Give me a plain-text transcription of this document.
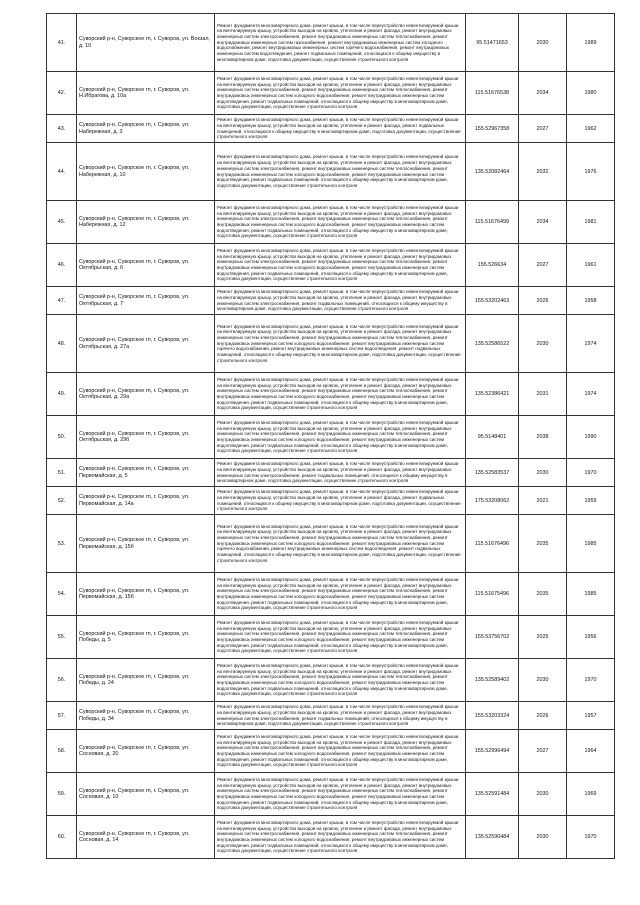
41.	Суворский р-н, Суворское гп, г. Суворов, ул. Вокзал, д. 10	Ремонт фундамента многоквартирного дома, ремонт крыши, в том числе переустройство невентилируемой крыши на вентилируемую крышу, устройство выходов на кровлю, утепление и ремонт фасада, ремонт внутридомовых инженерных систем электроснабжения, ремонт внутридомовых инженерных систем теплоснабжения, ремонт внутридомовых инженерных систем газоснабжения, ремонт внутридомовых инженерных систем холодного водоснабжения, ремонт внутридомовых инженерных систем горячего водоснабжения, ремонт внутридомовых инженерных систем водоотведения, ремонт подвальных помещений, относящихся к общему имуществу в многоквартирном доме, подготовка документации, осуществление строительного контроля	95.51471653	2030	1989
42.	Суворский р-н, Суворское гп, г. Суворов, ул. Н.Ибрагова, д. 10а	Ремонт фундамента многоквартирного дома, ремонт крыши, в том числе переустройство невентилируемой крыши на вентилируемую крышу, устройство выходов на кровлю, утепление и ремонт фасада, ремонт внутридомовых инженерных систем электроснабжения, ремонт внутридомовых инженерных систем теплоснабжения, ремонт внутридомовых инженерных систем холодного водоснабжения, ремонт внутридомовых инженерных систем водоотведения, ремонт подвальных помещений, относящихся к общему имуществу в многоквартирном доме, подготовка документации, осуществление строительного контроля	115.51676538	2034	1980
43.	Суворский р-н, Суворское гп, г. Суворов, ул. Набережная, д. 3	Ремонт фундамента многоквартирного дома, ремонт крыши, в том числе переустройство невентилируемой крыши на вентилируемую крышу, устройство выходов на кровлю, утепление и ремонт фасада, ремонт подвальных помещений, относящихся к общему имуществу в многоквартирном доме, подготовка документации, осуществление строительного контроля	155.52967358	2027	1962
44.	Суворский р-н, Суворское гп, г. Суворов, ул. Набережная, д. 10	Ремонт фундамента многоквартирного дома, ремонт крыши, в том числе переустройство невентилируемой крыши на вентилируемую крышу, устройство выходов на кровлю, утепление и ремонт фасада, ремонт внутридомовых инженерных систем электроснабжения, ремонт внутридомовых инженерных систем теплоснабжения, ремонт внутридомовых инженерных систем холодного водоснабжения, ремонт внутридомовых инженерных систем водоотведения, ремонт подвальных помещений, относящихся к общему имуществу в многоквартирном доме, подготовка документации, осуществление строительного контроля	135.52082464	2032	1976
45.	Суворский р-н, Суворское гп, г. Суворов, ул. Набережная, д. 12	Ремонт фундамента многоквартирного дома, ремонт крыши, в том числе переустройство невентилируемой крыши на вентилируемую крышу, устройство выходов на кровлю, утепление и ремонт фасада, ремонт внутридомовых инженерных систем электроснабжения, ремонт внутридомовых инженерных систем теплоснабжения, ремонт внутридомовых инженерных систем холодного водоснабжения, ремонт внутридомовых инженерных систем водоотведения, ремонт подвальных помещений, относящихся к общему имуществу в многоквартирном доме, подготовка документации, осуществление строительного контроля	115.51676499	2034	1981
46.	Суворский р-н, Суворское гп, г. Суворов, ул. Октябрьская, д. 6	Ремонт фундамента многоквартирного дома, ремонт крыши, в том числе переустройство невентилируемой крыши на вентилируемую крышу, устройство выходов на кровлю, утепление и ремонт фасада, ремонт внутридомовых инженерных систем электроснабжения, ремонт внутридомовых инженерных систем теплоснабжения, ремонт внутридомовых инженерных систем холодного водоснабжения, ремонт внутридомовых инженерных систем водоотведения, ремонт подвальных помещений, относящихся к общему имуществу в многоквартирном доме, подготовка документации, осуществление строительного контроля	155.526634	2027	1961
47.	Суворский р-н, Суворское гп, г. Суворов, ул. Октябрьская, д. 7	Ремонт фундамента многоквартирного дома, ремонт крыши, в том числе переустройство невентилируемой крыши на вентилируемую крышу, устройство выходов на кровлю, утепление и ремонт фасада, ремонт внутридомовых инженерных систем электроснабжения, ремонт подвальных помещений, относящихся к общему имуществу в многоквартирном доме, подготовка документации, осуществление строительного контроля	155.53202463	2026	1958
48.	Суворский р-н, Суворское гп, г. Суворов, ул. Октябрьская, д. 27а	Ремонт фундамента многоквартирного дома, ремонт крыши, в том числе переустройство невентилируемой крыши на вентилируемую крышу, устройство выходов на кровлю, утепление и ремонт фасада, ремонт внутридомовых инженерных систем электроснабжения, ремонт внутридомовых инженерных систем теплоснабжения, ремонт внутридомовых инженерных систем холодного водоснабжения, ремонт внутридомовых инженерных систем горячего водоснабжения, ремонт внутридомовых инженерных систем водоотведения, ремонт подвальных помещений, относящихся к общему имуществу в многоквартирном доме, подготовка документации, осуществление строительного контроля	135.52586522	2030	1974
49.	Суворский р-н, Суворское гп, г. Суворов, ул. Октябрьская, д. 29а	Ремонт фундамента многоквартирного дома, ремонт крыши, в том числе переустройство невентилируемой крыши на вентилируемую крышу, устройство выходов на кровлю, утепление и ремонт фасада, ремонт внутридомовых инженерных систем электроснабжения, ремонт внутридомовых инженерных систем теплоснабжения, ремонт внутридомовых инженерных систем холодного водоснабжения, ремонт внутридомовых инженерных систем водоотведения, ремонт подвальных помещений, относящихся к общему имуществу в многоквартирном доме, подготовка документации, осуществление строительного контроля	135.52386421	2031	1974
50.	Суворский р-н, Суворское гп, г. Суворов, ул. Октябрьская, д. 29б	Ремонт фундамента многоквартирного дома, ремонт крыши, в том числе переустройство невентилируемой крыши на вентилируемую крышу, устройство выходов на кровлю, утепление и ремонт фасада, ремонт внутридомовых инженерных систем электроснабжения, ремонт внутридомовых инженерных систем теплоснабжения, ремонт внутридомовых инженерных систем холодного водоснабжения, ремонт внутридомовых инженерных систем водоотведения, ремонт подвальных помещений, относящихся к общему имуществу в многоквартирном доме, подготовка документации, осуществление строительного контроля	95.5148401	2038	1990
51.	Суворский р-н, Суворское гп, г. Суворов, ул. Первомайская, д. 5	Ремонт фундамента многоквартирного дома, ремонт крыши, в том числе переустройство невентилируемой крыши на вентилируемую крышу, устройство выходов на кровлю, утепление и ремонт фасада, ремонт внутридомовых инженерных систем электроснабжения, ремонт подвальных помещений, относящихся к общему имуществу в многоквартирном доме, подготовка документации, осуществление строительного контроля	135.52583537	2030	1970
52.	Суворский р-н, Суворское гп, г. Суворов, ул. Первомайская, д. 14а	Ремонт фундамента многоквартирного дома, ремонт крыши, в том числе переустройство невентилируемой крыши на вентилируемую крышу, устройство выходов на кровлю, утепление и ремонт фасада, ремонт подвальных помещений, относящихся к общему имуществу в многоквартирном доме, подготовка документации, осуществление строительного контроля	175.53208062	2021	1959
53.	Суворский р-н, Суворское гп, г. Суворов, ул. Первомайская, д. 15б	Ремонт фундамента многоквартирного дома, ремонт крыши, в том числе переустройство невентилируемой крыши на вентилируемую крышу, устройство выходов на кровлю, утепление и ремонт фасада, ремонт внутридомовых инженерных систем электроснабжения, ремонт внутридомовых инженерных систем теплоснабжения, ремонт внутридомовых инженерных систем холодного водоснабжения, ремонт внутридомовых инженерных систем горячего водоснабжения, ремонт внутридомовых инженерных систем водоотведения, ремонт подвальных помещений, относящихся к общему имуществу в многоквартирном доме, подготовка документации, осуществление строительного контроля	115.51676496	2035	1985
54.	Суворский р-н, Суворское гп, г. Суворов, ул. Первомайская, д. 15б	Ремонт фундамента многоквартирного дома, ремонт крыши, в том числе переустройство невентилируемой крыши на вентилируемую крышу, устройство выходов на кровлю, утепление и ремонт фасада, ремонт внутридомовых инженерных систем электроснабжения, ремонт внутридомовых инженерных систем теплоснабжения, ремонт внутридомовых инженерных систем холодного водоснабжения, ремонт внутридомовых инженерных систем водоотведения, ремонт подвальных помещений, относящихся к общему имуществу в многоквартирном доме, подготовка документации, осуществление строительного контроля	115.51675496	2035	1985
55.	Суворский р-н, Суворское гп, г. Суворов, ул. Победы, д. 5	Ремонт фундамента многоквартирного дома, ремонт крыши, в том числе переустройство невентилируемой крыши на вентилируемую крышу, устройство выходов на кровлю, утепление и ремонт фасада, ремонт внутридомовых инженерных систем электроснабжения, ремонт внутридомовых инженерных систем теплоснабжения, ремонт внутридомовых инженерных систем холодного водоснабжения, ремонт внутридомовых инженерных систем водоотведения, ремонт подвальных помещений, относящихся к общему имуществу в многоквартирном доме, подготовка документации, осуществление строительного контроля	155.53756702	2025	1956
56.	Суворский р-н, Суворское гп, г. Суворов, ул. Победы, д. 24	Ремонт фундамента многоквартирного дома, ремонт крыши, в том числе переустройство невентилируемой крыши на вентилируемую крышу, устройство выходов на кровлю, утепление и ремонт фасада, ремонт внутридомовых инженерных систем электроснабжения, ремонт внутридомовых инженерных систем теплоснабжения, ремонт внутридомовых инженерных систем холодного водоснабжения, ремонт внутридомовых инженерных систем водоотведения, ремонт подвальных помещений, относящихся к общему имуществу в многоквартирном доме, подготовка документации, осуществление строительного контроля	135.52589402	2030	1970
57.	Суворский р-н, Суворское гп, г. Суворов, ул. Победы, д. 34	Ремонт фундамента многоквартирного дома, ремонт крыши, в том числе переустройство невентилируемой крыши на вентилируемую крышу, устройство выходов на кровлю, утепление и ремонт фасада, ремонт внутридомовых инженерных систем электроснабжения, ремонт подвальных помещений, относящихся к общему имуществу в многоквартирном доме, подготовка документации, осуществление строительного контроля	155.53203324	2026	1957
58.	Суворский р-н, Суворское гп, г. Суворов, ул. Сосновая, д. 20	Ремонт фундамента многоквартирного дома, ремонт крыши, в том числе переустройство невентилируемой крыши на вентилируемую крышу, устройство выходов на кровлю, утепление и ремонт фасада, ремонт внутридомовых инженерных систем электроснабжения, ремонт внутридомовых инженерных систем теплоснабжения, ремонт внутридомовых инженерных систем холодного водоснабжения, ремонт внутридомовых инженерных систем водоотведения, ремонт подвальных помещений, относящихся к общему имуществу в многоквартирном доме, подготовка документации, осуществление строительного контроля	155.52996494	2027	1964
59.	Суворский р-н, Суворское гп, г. Суворов, ул. Сосновая, д. 10	Ремонт фундамента многоквартирного дома, ремонт крыши, в том числе переустройство невентилируемой крыши на вентилируемую крышу, устройство выходов на кровлю, утепление и ремонт фасада, ремонт внутридомовых инженерных систем электроснабжения, ремонт внутридомовых инженерных систем теплоснабжения, ремонт внутридомовых инженерных систем холодного водоснабжения, ремонт внутридомовых инженерных систем водоотведения, ремонт подвальных помещений, относящихся к общему имуществу в многоквартирном доме, подготовка документации, осуществление строительного контроля	135.52591484	2030	1969
60.	Суворский р-н, Суворское гп, г. Суворов, ул. Сосновая, д. 14	Ремонт фундамента многоквартирного дома, ремонт крыши, в том числе переустройство невентилируемой крыши на вентилируемую крышу, устройство выходов на кровлю, утепление и ремонт фасада, ремонт внутридомовых инженерных систем электроснабжения, ремонт внутридомовых инженерных систем теплоснабжения, ремонт внутридомовых инженерных систем холодного водоснабжения, ремонт внутридомовых инженерных систем водоотведения, ремонт подвальных помещений, относящихся к общему имуществу в многоквартирном доме, подготовка документации, осуществление строительного контроля	135.52590484	2030	1970
